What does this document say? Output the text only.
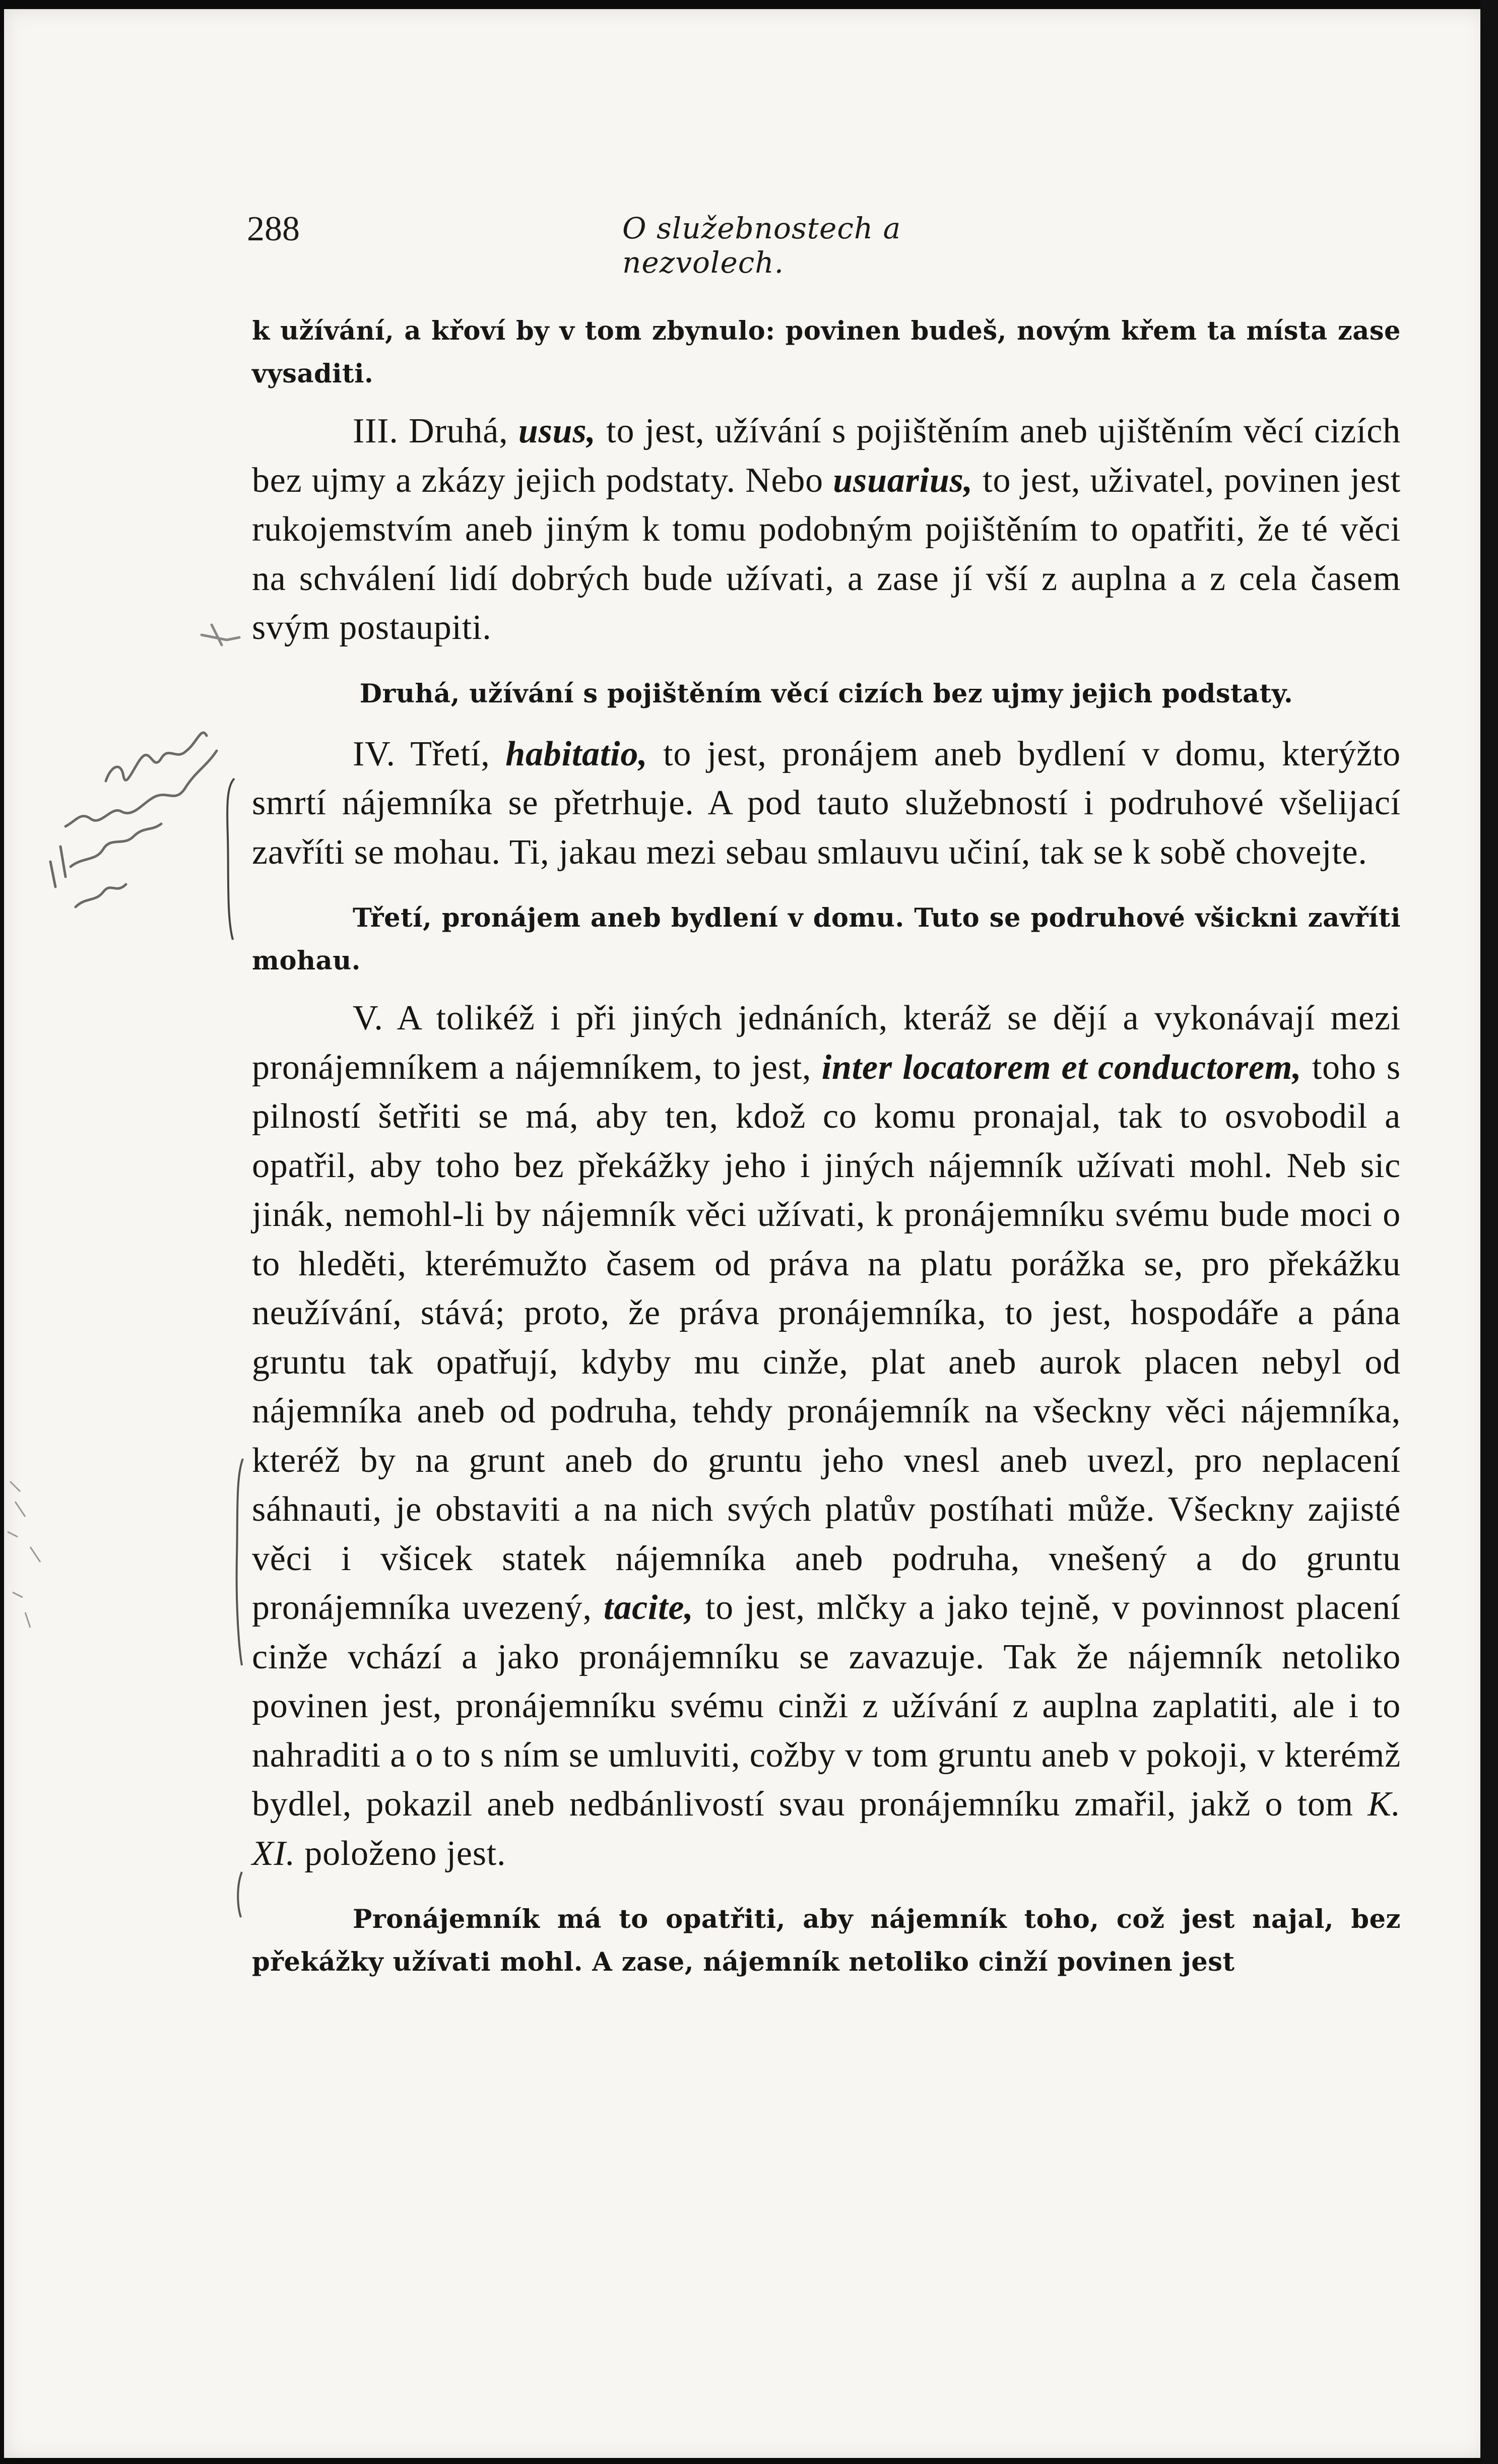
288	O služebnostech a nezvolech.

k užívání, a křoví by v tom zbynulo: povinen budeš, novým křem ta místa zase vysaditi.

III. Druhá, usus, to jest, užívání s pojištěním aneb ujištěním věcí cizích bez ujmy a zkázy jejich podstaty. Nebo usuarius, to jest, uživatel, povinen jest rukojemstvím aneb jiným k tomu podobným pojištěním to opatřiti, že té věci na schválení lidí dobrých bude užívati, a zase jí vší z auplna a z cela časem svým postaupiti.

Druhá, užívání s pojištěním věcí cizích bez ujmy jejich podstaty.

IV. Třetí, habitatio, to jest, pronájem aneb bydlení v domu, kterýžto smrtí nájemníka se přetrhuje. A pod tauto služebností i podruhové všelijací zavříti se mohau. Ti, jakau mezi sebau smlauvu učiní, tak se k sobě chovejte.

Třetí, pronájem aneb bydlení v domu. Tuto se podruhové všickni zavříti mohau.

V. A tolikéž i při jiných jednáních, kteráž se dějí a vykonávají mezi pronájemníkem a nájemníkem, to jest, inter locatorem et conductorem, toho s pilností šetřiti se má, aby ten, kdož co komu pronajal, tak to osvobodil a opatřil, aby toho bez překážky jeho i jiných nájemník užívati mohl. Neb sic jinák, nemohl-li by nájemník věci užívati, k pronájemníku svému bude moci o to hleděti, kterémužto časem od práva na platu porážka se, pro překážku neužívání, stává; proto, že práva pronájemníka, to jest, hospodáře a pána gruntu tak opatřují, kdyby mu cinže, plat aneb aurok placen nebyl od nájemníka aneb od podruha, tehdy pronájemník na všeckny věci nájemníka, kteréž by na grunt aneb do gruntu jeho vnesl aneb uvezl, pro neplacení sáhnauti, je obstaviti a na nich svých platův postíhati může. Všeckny zajisté věci i všicek statek nájemníka aneb podruha, vnešený a do gruntu pronájemníka uvezený, tacite, to jest, mlčky a jako tejně, v povinnost placení cinže vchází a jako pronájemníku se zavazuje. Tak že nájemník netoliko povinen jest, pronájemníku svému cinži z užívání z auplna zaplatiti, ale i to nahraditi a o to s ním se umluviti, cožby v tom gruntu aneb v pokoji, v kterémž bydlel, pokazil aneb nedbánlivostí svau pronájemníku zmařil, jakž o tom K. XI. položeno jest.

Pronájemník má to opatřiti, aby nájemník toho, což jest najal, bez překážky užívati mohl. A zase, nájemník netoliko cinží povinen jest
